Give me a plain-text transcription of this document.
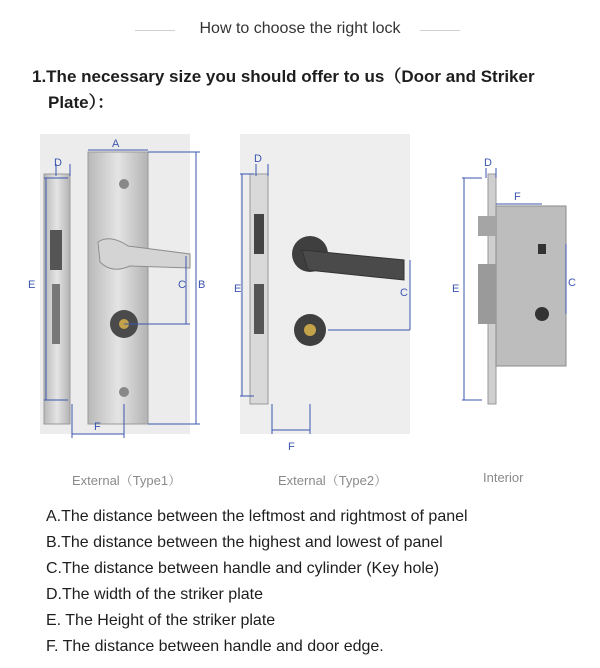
How to choose the right lock
1.The necessary size you should offer to us（Door and Striker
Plate）：
A
B
C
D
E
F
D
E	C
F
D
E
F
C
External（Type1）	External（Type2）	Interior
A.The distance between the leftmost and rightmost of panel
B.The distance between the highest and lowest of panel
C.The distance between handle and cylinder (Key hole)
D.The width of the striker plate
E. The Height of the striker plate
F. The distance between handle and door edge.
